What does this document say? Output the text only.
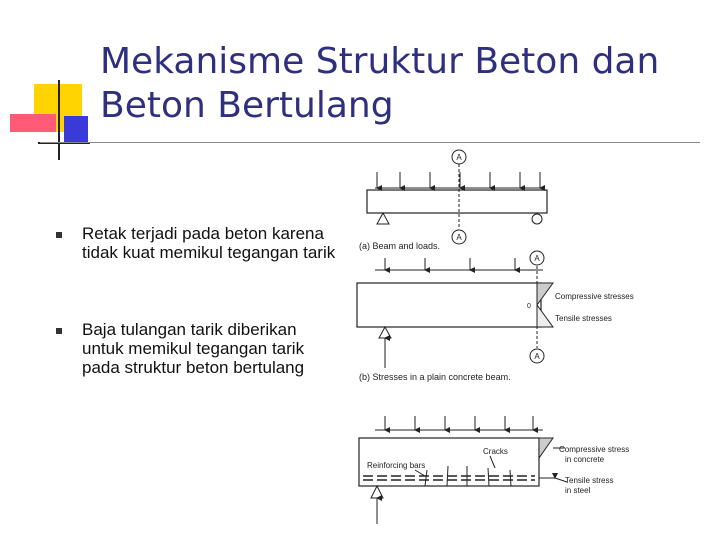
Mekanisme Struktur Beton dan
Beton Bertulang
Retak terjadi pada beton karena tidak kuat memikul tegangan tarik
Baja tulangan tarik diberikan untuk memikul tegangan tarik pada struktur beton bertulang
A
A
(a) Beam and loads.
A
A
0
Compressive stresses
Tensile stresses
(b) Stresses in a plain concrete beam.
Cracks
Reinforcing bars
Compressive stress
in concrete
Tensile stress
in steel
